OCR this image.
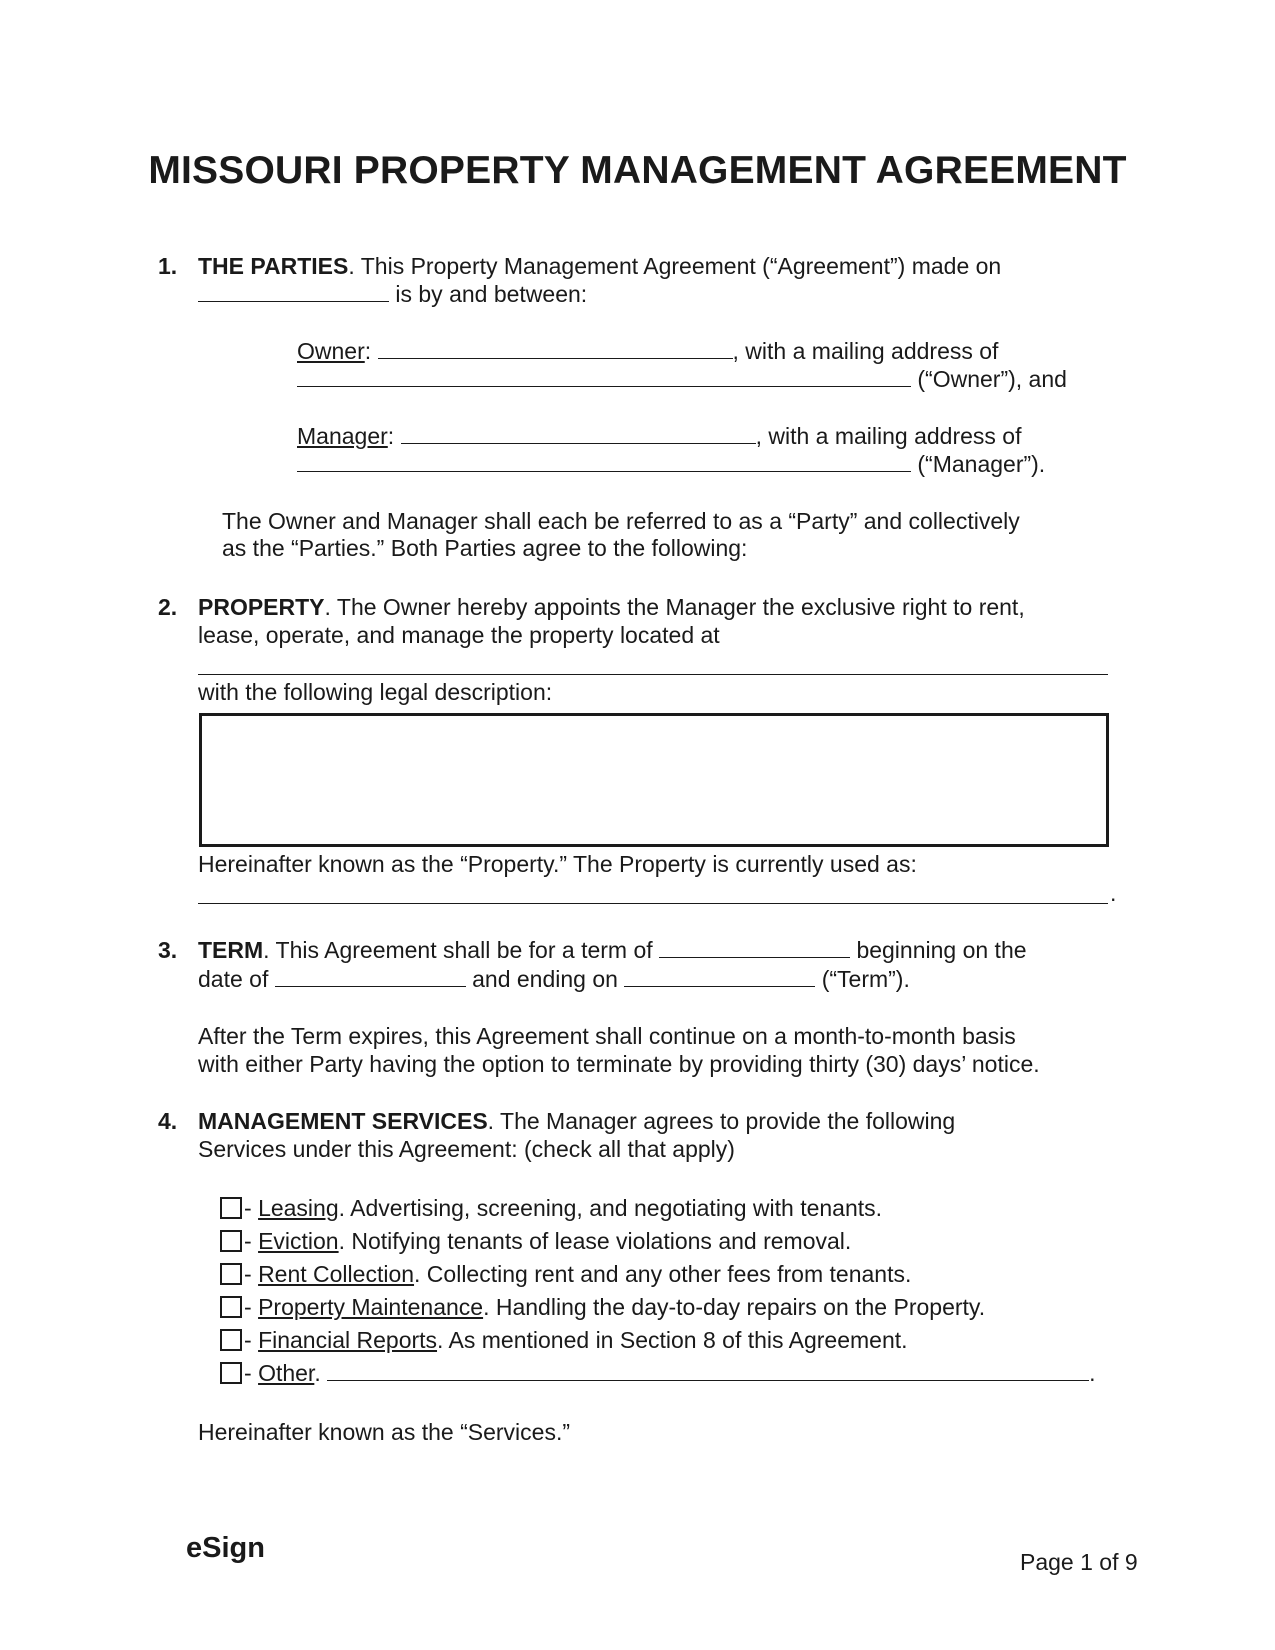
MISSOURI PROPERTY MANAGEMENT AGREEMENT
1. THE PARTIES. This Property Management Agreement (“Agreement”) made on
is by and between:
Owner:	, with a mailing address of
(“Owner”), and
Manager:	, with a mailing address of
(“Manager”).
The Owner and Manager shall each be referred to as a “Party” and collectively
as the “Parties.” Both Parties agree to the following:
2. PROPERTY. The Owner hereby appoints the Manager the exclusive right to rent,
lease, operate, and manage the property located at
with the following legal description:
Hereinafter known as the “Property.” The Property is currently used as:
.
3. TERM. This Agreement shall be for a term of	beginning on the
date of	and ending on	(“Term”).
After the Term expires, this Agreement shall continue on a month-to-month basis
with either Party having the option to terminate by providing thirty (30) days’ notice.
4. MANAGEMENT SERVICES. The Manager agrees to provide the following
Services under this Agreement: (check all that apply)
- Leasing. Advertising, screening, and negotiating with tenants.
- Eviction. Notifying tenants of lease violations and removal.
- Rent Collection. Collecting rent and any other fees from tenants.
- Property Maintenance. Handling the day-to-day repairs on the Property.
- Financial Reports. As mentioned in Section 8 of this Agreement.
- Other.	.
Hereinafter known as the “Services.”
eSign	Page 1 of 9
